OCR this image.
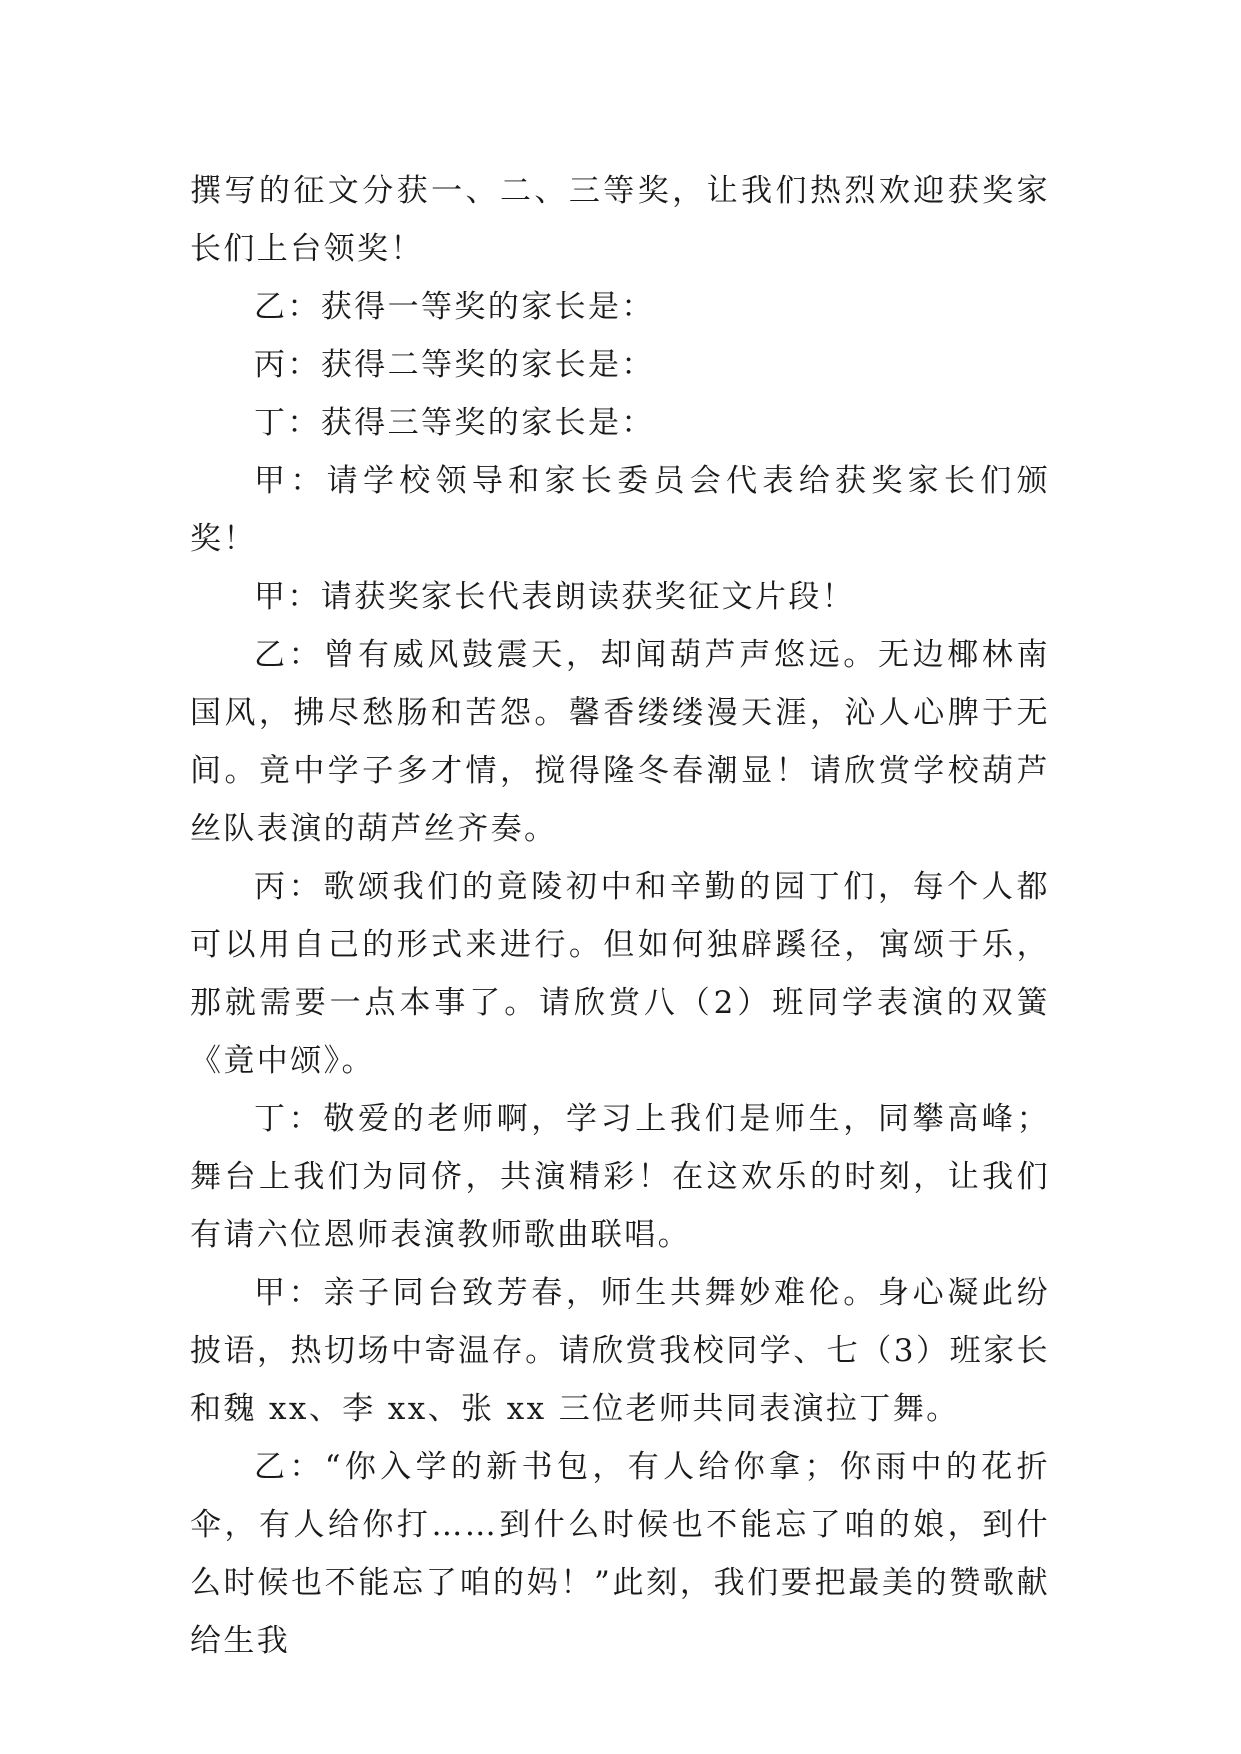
撰写的征文分获一、二、三等奖，让我们热烈欢迎获奖家长们上台领奖！

乙：获得一等奖的家长是：

丙：获得二等奖的家长是：

丁：获得三等奖的家长是：

甲：请学校领导和家长委员会代表给获奖家长们颁奖！

甲：请获奖家长代表朗读获奖征文片段！

乙：曾有威风鼓震天，却闻葫芦声悠远。无边椰林南国风，拂尽愁肠和苦怨。馨香缕缕漫天涯，沁人心脾于无间。竟中学子多才情，搅得隆冬春潮显！请欣赏学校葫芦丝队表演的葫芦丝齐奏。

丙：歌颂我们的竟陵初中和辛勤的园丁们，每个人都可以用自己的形式来进行。但如何独辟蹊径，寓颂于乐，那就需要一点本事了。请欣赏八（2）班同学表演的双簧《竟中颂》。

丁：敬爱的老师啊，学习上我们是师生，同攀高峰；舞台上我们为同侪，共演精彩！在这欢乐的时刻，让我们有请六位恩师表演教师歌曲联唱。

甲：亲子同台致芳春，师生共舞妙难伦。身心凝此纷披语，热切场中寄温存。请欣赏我校同学、七（3）班家长和魏 xx、李 xx、张 xx 三位老师共同表演拉丁舞。

乙：“你入学的新书包，有人给你拿；你雨中的花折伞，有人给你打……到什么时候也不能忘了咱的娘，到什么时候也不能忘了咱的妈！”此刻，我们要把最美的赞歌献给生我
